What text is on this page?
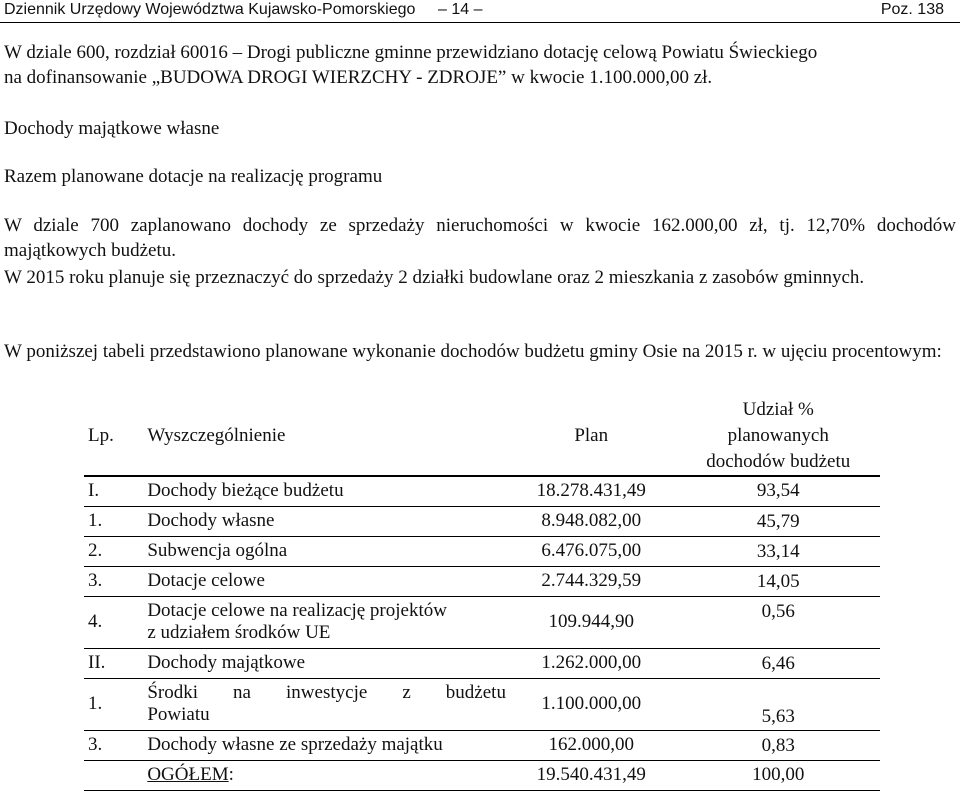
Dziennik Urzędowy Województwa Kujawsko-Pomorskiego – 14 –	Poz. 138
W dziale 600, rozdział 60016 – Drogi publiczne gminne przewidziano dotację celową Powiatu Świeckiego
na dofinansowanie „BUDOWA DROGI WIERZCHY - ZDROJE” w kwocie 1.100.000,00 zł.
Dochody majątkowe własne
Razem planowane dotacje na realizację programu

W dziale 700 zaplanowano dochody ze sprzedaży nieruchomości w kwocie 162.000,00 zł, tj. 12,70% dochodów majątkowych budżetu.

W 2015 roku planuje się przeznaczyć do sprzedaży 2 działki budowlane oraz 2 mieszkania z zasobów gminnych.

W poniższej tabeli przedstawiono planowane wykonanie dochodów budżetu gminy Osie na 2015 r. w ujęciu procentowym:

Lp.	Wyszczególnienie	Plan	Udział %
planowanych
dochodów budżetu

I.	Dochody bieżące budżetu	18.278.431,49	93,54
1.	Dochody własne	8.948.082,00	45,79
2.	Subwencja ogólna	6.476.075,00	33,14
3.	Dotacje celowe	2.744.329,59	14,05
4.	Dotacje celowe na realizację projektów
z udziałem środków UE	109.944,90	0,56
II.	Dochody majątkowe	1.262.000,00	6,46
1.	Środki na inwestycje z budżetu
Powiatu	1.100.000,00	5,63
3.	Dochody własne ze sprzedaży majątku	162.000,00	0,83
	OGÓŁEM:	19.540.431,49	100,00
